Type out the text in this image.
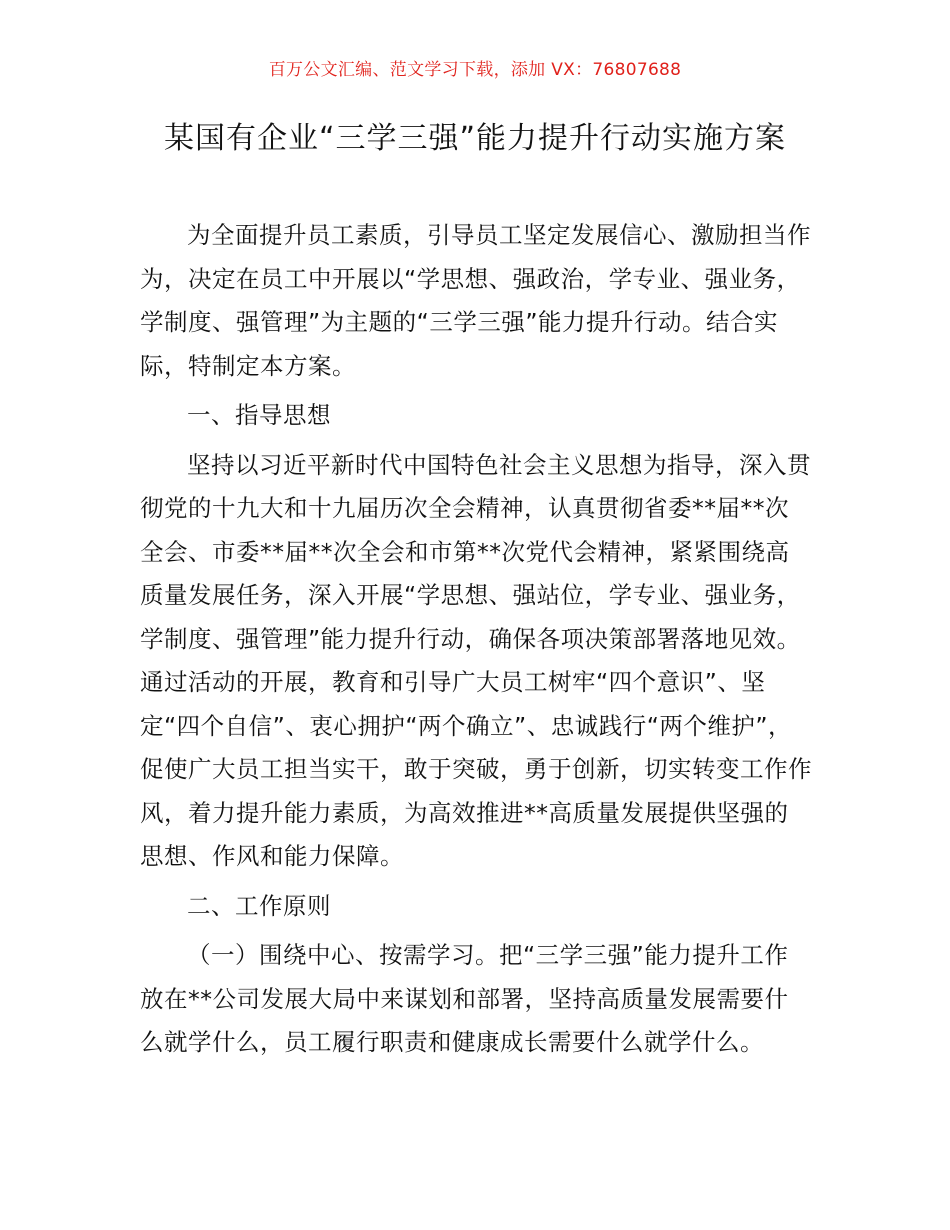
百万公文汇编、范文学习下载，添加 VX：76807688
某国有企业“三学三强”能力提升行动实施方案

为全面提升员工素质，引导员工坚定发展信心、激励担当作为，决定在员工中开展以“学思想、强政治，学专业、强业务，学制度、强管理”为主题的“三学三强”能力提升行动。结合实际，特制定本方案。

一、指导思想

坚持以习近平新时代中国特色社会主义思想为指导，深入贯彻党的十九大和十九届历次全会精神，认真贯彻省委**届**次全会、市委**届**次全会和市第**次党代会精神，紧紧围绕高质量发展任务，深入开展“学思想、强站位，学专业、强业务，学制度、强管理”能力提升行动，确保各项决策部署落地见效。通过活动的开展，教育和引导广大员工树牢“四个意识”、坚定“四个自信”、衷心拥护“两个确立”、忠诚践行“两个维护”，促使广大员工担当实干，敢于突破，勇于创新，切实转变工作作风，着力提升能力素质，为高效推进**高质量发展提供坚强的思想、作风和能力保障。

二、工作原则

（一）围绕中心、按需学习。把“三学三强”能力提升工作放在**公司发展大局中来谋划和部署，坚持高质量发展需要什么就学什么，员工履行职责和健康成长需要什么就学什么。
